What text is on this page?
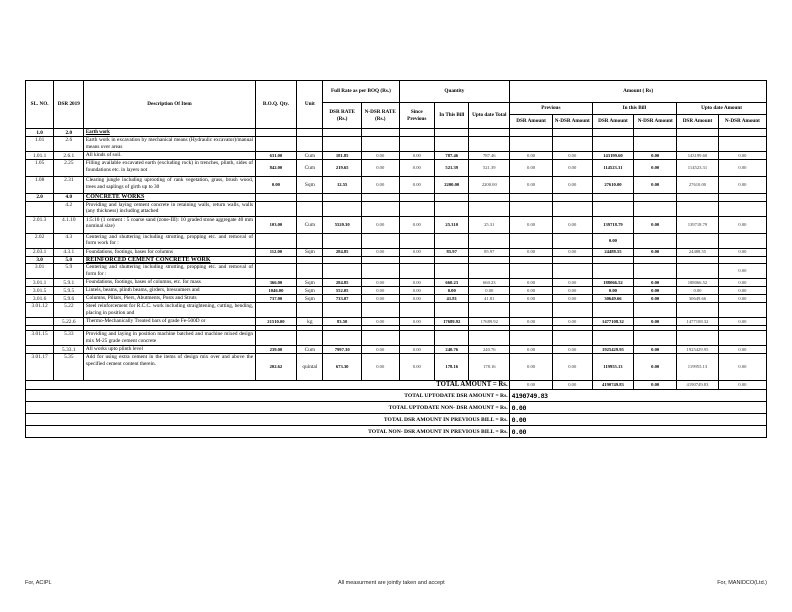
SL. NO.	DSR 2019	Description Of Item	B.O.Q. Qty.	Unit	Full Rate as per BOQ (Rs.)		Quantity			Amount ( Rs)					
					DSR RATE (Rs.)	N-DSR RATE (Rs.)	Since Previous	In This Bill	Upto date Total	Previous		In this Bill		Upto date Amount	
										DSR Amount	N-DSR Amount	DSR Amount	N-DSR Amount	DSR Amount	N-DSR Amount
1.0	2.0	Earth work													
1.01	2.6	Earth work in excavation by mechanical means (Hydraulic excavator)/manual means over areas													
1.01.1	2.6.1	All kinds of soil.	631.00	Cum	181.85	0.00	0.00	787.46	787.46	0.00	0.00	143199.60	0.00	143199.60	0.00
1.05	2.25	Filling available excavated earth (excluding rock) in trenches, plinth, sides of foundations etc. in layers not	842.00	Cum	219.65	0.00	0.00	521.39	521.39	0.00	0.00	114523.31	0.00	114523.31	0.00
1.08	2.31	Clearing jungle including uprooting of rank vegetation, grass, brush wood, trees and saplings of girth up to 30	0.00	Sqm	12.55	0.00	0.00	2200.00	2200.00	0.00	0.00	27610.00	0.00	27610.00	0.00
2.0	4.0	CONCRETE WORKS													
	4.2	Providing and laying cement concrete in retaining walls, return walls, walls (any thickness) including attached													
2.01.3	4.1.10	1:5:10 (1 cement : 5 coarse sand (zone-III): 10 graded stone aggregate 40 mm nominal size)	103.00	Cum	5520.30	0.00	0.00	25.310	25.31	0.00	0.00	139718.79	0.00	139718.79	0.00
2.02	4.3	Centering and shuttering including strutting, propping etc. and removal of form work for :										0.00			
2.03.1	4.3.1	Foundations, footings, bases for columns	112.00	Sqm	284.85	0.00	0.00	85.97	85.97	0.00	0.00	24488.55	0.00	24488.55	0.00
3.0	5.0	REINFORCED CEMENT CONCRETE WORK													
3.01	5.9	Centering and shuttering including strutting, propping etc. and removal of form for :													0.00
3.01.1	5.9.1	Foundations, footings, bases of columns, etc. for mass	366.00	Sqm	284.85	0.00	0.00	660.23	660.23	0.00	0.00	188066.52	0.00	188066.52	0.00
3.01.5	5.9.5	Lintels, beams, plinth beams, girders, bressumers and	1046.00	Sqm	552.05	0.00	0.00	0.00	0.00	0.00	0.00	0.00	0.00	0.00	0.00
3.01.6	5.9.6	Columns, Pillars, Piers, Abutments, Posts and Struts	737.00	Sqm	733.07	0.00	0.00	41.81	41.81	0.00	0.00	30649.66	0.00	30649.66	0.00
3.01.12	5.22	Steel reinforcement for R.C.C. work including straightening, cutting, bending, placing in position and													
	5.22.6	Thermo-Mechanically Treated bars of grade Fe-500D or	21510.00	kg	83.50	0.00	0.00	17689.92	17689.92	0.00	0.00	1477108.32	0.00	1477108.32	0.00

3.01.15	5.33	Providing and laying in position machine batched and machine mixed design mix M-25 grade cement concrete													
	5.33.1	All works upto plinth level	239.00	Cum	7997.30	0.00	0.00	240.76	240.76	0.00	0.00	1925429.95	0.00	1925429.95	0.00
3.01.17	5.35	Add for using extra cement in the items of design mix over and above the specified cement content therein.	202.62	quintal	673.30	0.00	0.00	178.16	178.16	0.00	0.00	119955.13	0.00	119955.13	0.00
TOTAL AMOUNT = Rs.										0.00	0.00	4190749.83	0.00	4190749.83	0.00
TOTAL UPTODATE DSR AMOUNT = Rs.										4190749.83					
TOTAL UPTODATE NON- DSR AMOUNT = Rs.										0.00					
TOTAL DSR AMOUNT IN PREVIOUS BILL = Rs.										0.00					
TOTAL NON- DSR AMOUNT IN PREVIOUS BILL = Rs.										0.00					
For, ACIPL	All measurment are jointly taken and accept	For, MANIDCO(Ltd.)
